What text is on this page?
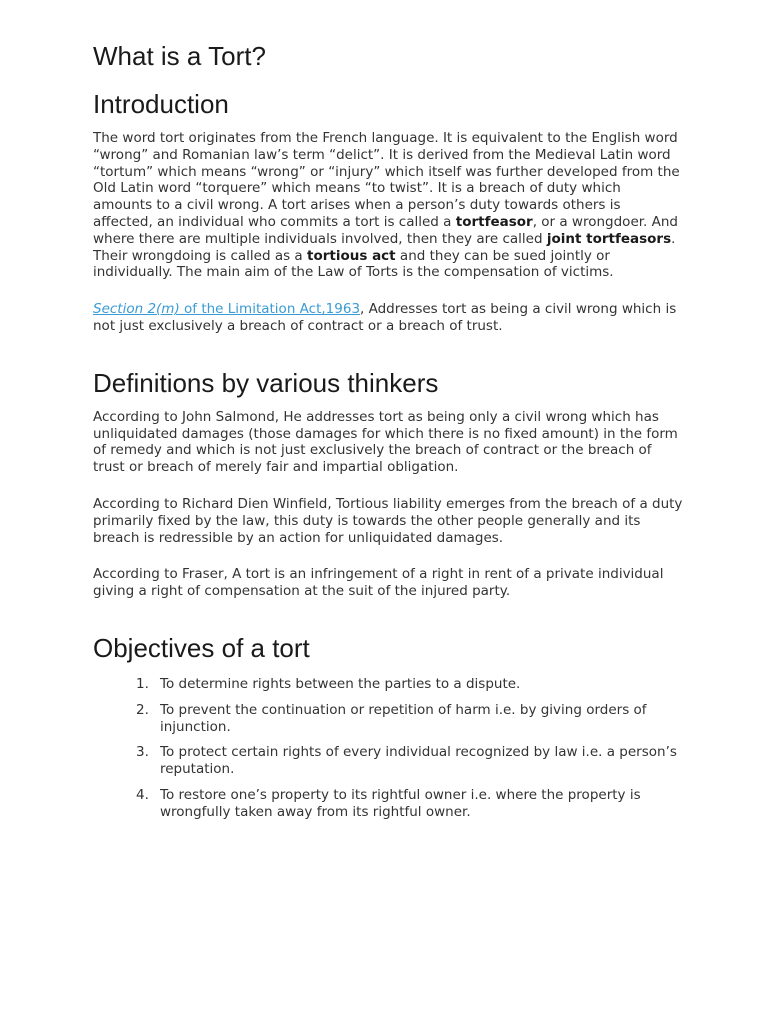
What is a Tort?
Introduction

The word tort originates from the French language. It is equivalent to the English word “wrong” and Romanian law’s term “delict”. It is derived from the Medieval Latin word “tortum” which means “wrong” or “injury” which itself was further developed from the Old Latin word “torquere” which means “to twist”. It is a breach of duty which amounts to a civil wrong. A tort arises when a person’s duty towards others is affected, an individual who commits a tort is called a tortfeasor, or a wrongdoer. And where there are multiple individuals involved, then they are called joint tortfeasors. Their wrongdoing is called as a tortious act and they can be sued jointly or individually. The main aim of the Law of Torts is the compensation of victims.

Section 2(m) of the Limitation Act,1963, Addresses tort as being a civil wrong which is not just exclusively a breach of contract or a breach of trust.

Definitions by various thinkers

According to John Salmond, He addresses tort as being only a civil wrong which has unliquidated damages (those damages for which there is no fixed amount) in the form of remedy and which is not just exclusively the breach of contract or the breach of trust or breach of merely fair and impartial obligation.

According to Richard Dien Winfield, Tortious liability emerges from the breach of a duty primarily fixed by the law, this duty is towards the other people generally and its breach is redressible by an action for unliquidated damages.

According to Fraser, A tort is an infringement of a right in rent of a private individual giving a right of compensation at the suit of the injured party.

Objectives of a tort
1. To determine rights between the parties to a dispute.
2. To prevent the continuation or repetition of harm i.e. by giving orders of injunction.
3. To protect certain rights of every individual recognized by law i.e. a person’s reputation.
4. To restore one’s property to its rightful owner i.e. where the property is wrongfully taken away from its rightful owner.
